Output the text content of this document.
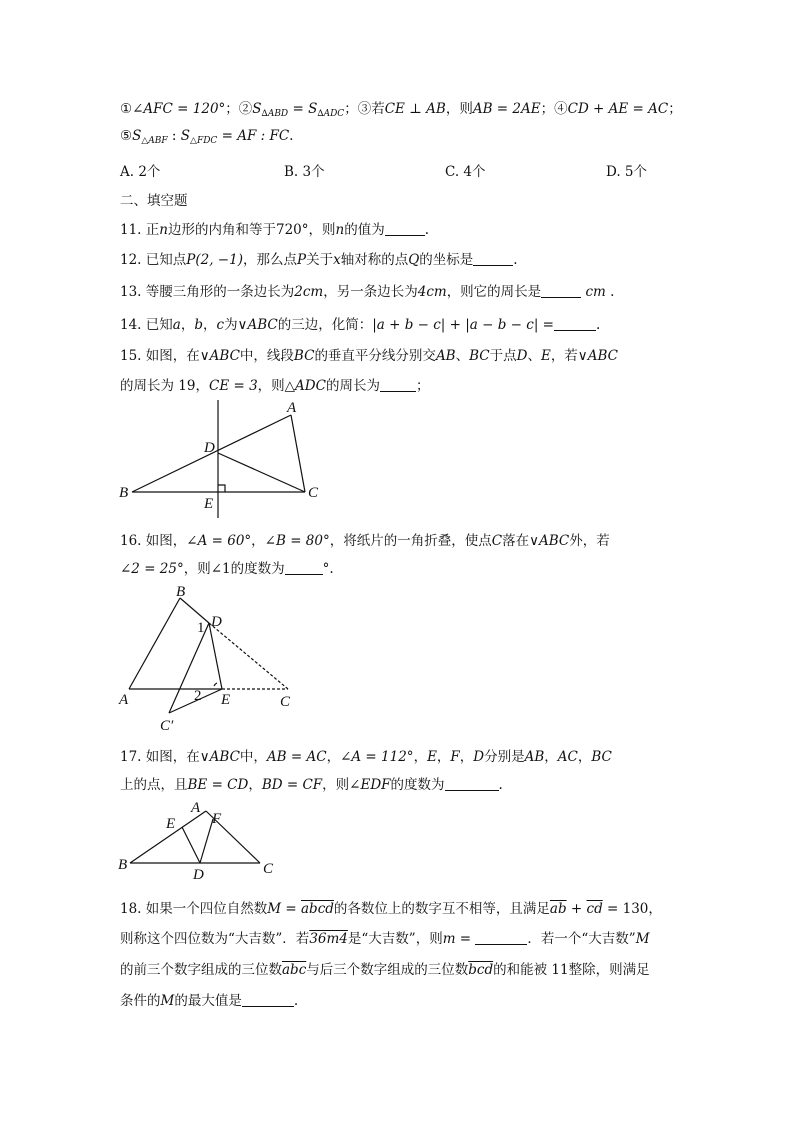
①∠AFC = 120°；$②S_{\Delta ABD} = S_{\Delta ADC}$；③若CE ⊥ AB，则AB = 2AE；④CD + AE = AC；
$⑤S_{\triangle ABF}$ : $S_{\triangle FDC}$ = AF : FC.
A. 2个	B. 3个	C. 4个	D. 5个
二、填空题
11. 正n边形的内角和等于720°，则n的值为	.
12. 已知点P(2, −1)，那么点P关于x轴对称的点Q的坐标是	.
13. 等腰三角形的一条边长为2cm，另一条边长为4cm，则它的周长是	cm .
14. 已知a，b，c为∨ABC的三边，化简：|a + b − c| + |a − b − c| =	.
15. 如图，在∨ABC中，线段BC的垂直平分线分别交AB、BC于点D、E，若∨ABC
的周长为 19，CE = 3，则△ADC的周长为	；
A
D
B
E
C
16. 如图，∠A = 60°，∠B = 80°，将纸片的一角折叠，使点C落在∨ABC外，若
∠2 = 25°，则∠1的度数为	°.
B
1 D
A	2 E	C
C′
17. 如图，在∨ABC中，AB = AC，∠A = 112°，E，F，D分别是AB，AC，BC
上的点，且BE = CD，BD = CF，则∠EDF的度数为	.
A
E F
B
D	C
18. 如果一个四位自然数M = abcd的各数位上的数字互不相等，且满足$\overline{ab} + \overline{cd} = 130$，
则称这个四位数为“大吉数”．若36m4是“大吉数”，则m =	．若一个“大吉数”M
的前三个数字组成的三位数$\overline{abc}$与后三个数字组成的三位数$\overline{bcd}$的和能被 11整除，则满足
条件的M的最大值是	.
